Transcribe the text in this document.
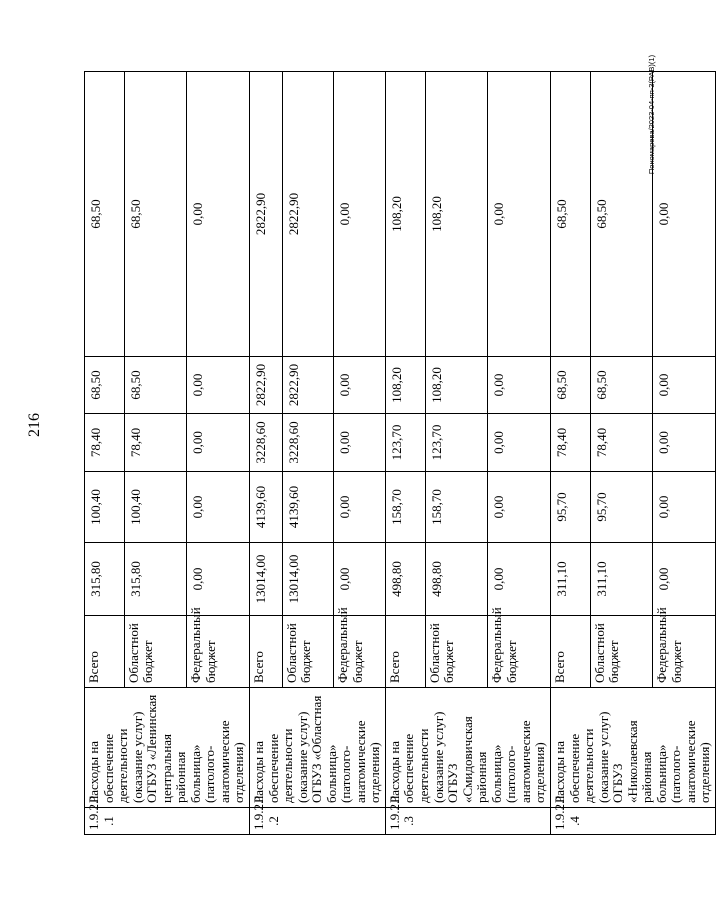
216
Пономарева/2023-04-пп-3(РАВ)(1)
1.9.2.1
.1	Расходы на обеспечение деятельности (оказание услуг) ОГБУЗ «Ленинская центральная районная больница» (патолого-анатомические отделения)	Всего	315,80	100,40	78,40	68,50	68,50
		Областной бюджет	315,80	100,40	78,40	68,50	68,50
		Федеральный бюджет	0,00	0,00	0,00	0,00	0,00
1.9.2.1
.2	Расходы на обеспечение деятельности (оказание услуг) ОГБУЗ «Областная больница» (патолого-анатомические отделения)	Всего	13014,00	4139,60	3228,60	2822,90	2822,90
		Областной бюджет	13014,00	4139,60	3228,60	2822,90	2822,90
		Федеральный бюджет	0,00	0,00	0,00	0,00	0,00
1.9.2.1
.3	Расходы на обеспечение деятельности (оказание услуг) ОГБУЗ «Смидовичская районная больница» (патолого-анатомические отделения)	Всего	498,80	158,70	123,70	108,20	108,20
		Областной бюджет	498,80	158,70	123,70	108,20	108,20
		Федеральный бюджет	0,00	0,00	0,00	0,00	0,00
1.9.2.1
.4	Расходы на обеспечение деятельности (оказание услуг) ОГБУЗ «Николаевская районная больница» (патолого-анатомические отделения)	Всего	311,10	95,70	78,40	68,50	68,50
		Областной бюджет	311,10	95,70	78,40	68,50	68,50
		Федеральный бюджет	0,00	0,00	0,00	0,00	0,00
